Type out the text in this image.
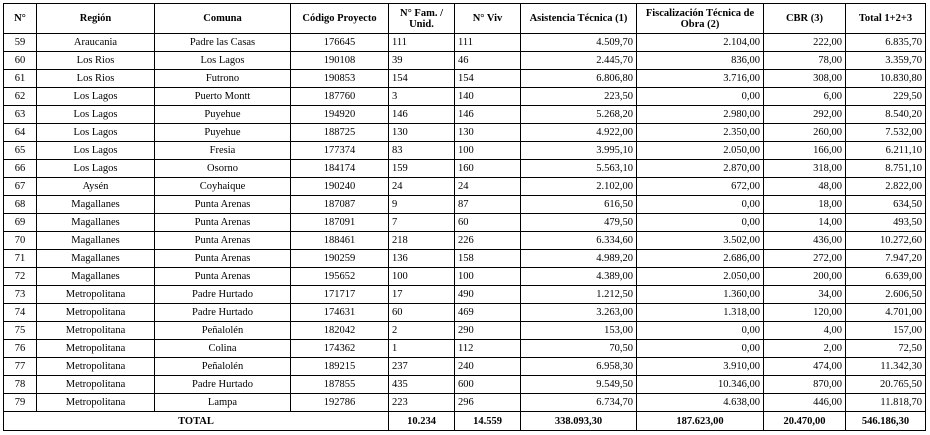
N°	Región	Comuna	Código Proyecto	N° Fam. / Unid.	N° Viv	Asistencia Técnica (1)	Fiscalización Técnica de Obra (2)	CBR (3)	Total 1+2+3
59	Araucania	Padre las Casas	176645	111	111	4.509,70	2.104,00	222,00	6.835,70
60	Los Rios	Los Lagos	190108	39	46	2.445,70	836,00	78,00	3.359,70
61	Los Rios	Futrono	190853	154	154	6.806,80	3.716,00	308,00	10.830,80
62	Los Lagos	Puerto Montt	187760	3	140	223,50	0,00	6,00	229,50
63	Los Lagos	Puyehue	194920	146	146	5.268,20	2.980,00	292,00	8.540,20
64	Los Lagos	Puyehue	188725	130	130	4.922,00	2.350,00	260,00	7.532,00
65	Los Lagos	Fresia	177374	83	100	3.995,10	2.050,00	166,00	6.211,10
66	Los Lagos	Osorno	184174	159	160	5.563,10	2.870,00	318,00	8.751,10
67	Aysén	Coyhaique	190240	24	24	2.102,00	672,00	48,00	2.822,00
68	Magallanes	Punta Arenas	187087	9	87	616,50	0,00	18,00	634,50
69	Magallanes	Punta Arenas	187091	7	60	479,50	0,00	14,00	493,50
70	Magallanes	Punta Arenas	188461	218	226	6.334,60	3.502,00	436,00	10.272,60
71	Magallanes	Punta Arenas	190259	136	158	4.989,20	2.686,00	272,00	7.947,20
72	Magallanes	Punta Arenas	195652	100	100	4.389,00	2.050,00	200,00	6.639,00
73	Metropolitana	Padre Hurtado	171717	17	490	1.212,50	1.360,00	34,00	2.606,50
74	Metropolitana	Padre Hurtado	174631	60	469	3.263,00	1.318,00	120,00	4.701,00
75	Metropolitana	Peñalolén	182042	2	290	153,00	0,00	4,00	157,00
76	Metropolitana	Colina	174362	1	112	70,50	0,00	2,00	72,50
77	Metropolitana	Peñalolén	189215	237	240	6.958,30	3.910,00	474,00	11.342,30
78	Metropolitana	Padre Hurtado	187855	435	600	9.549,50	10.346,00	870,00	20.765,50
79	Metropolitana	Lampa	192786	223	296	6.734,70	4.638,00	446,00	11.818,70
TOTAL				10.234	14.559	338.093,30	187.623,00	20.470,00	546.186,30
